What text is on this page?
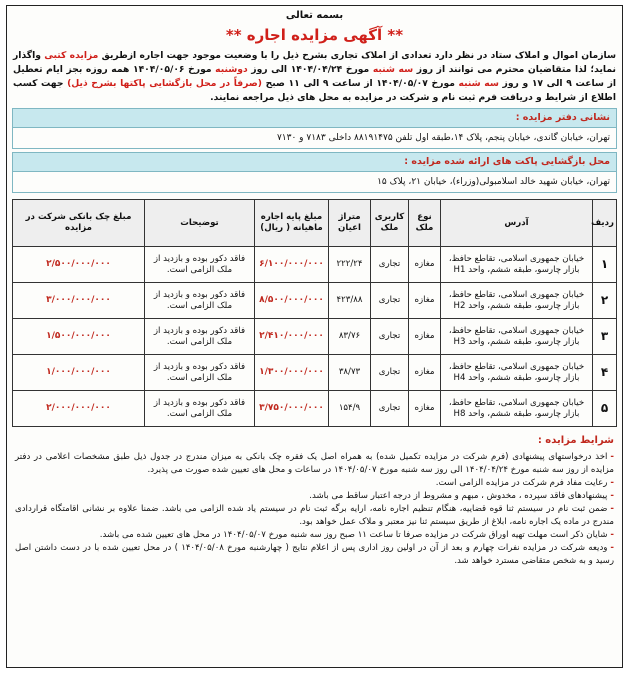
بسمه تعالی
** آگهی مزایده اجاره **
سازمان اموال و املاک ستاد در نظر دارد تعدادی از املاک تجاری بشرح ذیل را با وضعیت موجود جهت اجاره ازطریق مزایده کتبی واگذار نماید؛ لذا متقاضیان محترم می توانند از روز سه شنبه مورخ ۱۴۰۴/۰۴/۲۴ الی روز دوشنبه مورخ ۱۴۰۴/۰۵/۰۶ همه روزه بجز ایام تعطیل از ساعت ۹ الی ۱۷ و روز سه شنبه مورخ ۱۴۰۴/۰۵/۰۷ از ساعت ۹ الی ۱۱ صبح (صرفاً در محل بازگشایی پاکتها بشرح ذیل) جهت کسب اطلاع از شرایط و دریافت فرم ثبت نام و شرکت در مزایده به محل های ذیل مراجعه نمایند.
نشانی دفتر مزایده :
تهران، خیابان گاندی، خیابان پنجم، پلاک ۱۴،طبقه اول تلفن ۸۸۱۹۱۴۷۵ داخلی ۷۱۸۳ و ۷۱۳۰
محل بازگشایی پاکت های ارائه شده مزایده :
تهران، خیابان شهید خالد اسلامبولی(وزراء)، خیابان ۲۱، پلاک ۱۵
ردیف	آدرس	نوع ملک	کاربری ملک	متراژ اعیان	مبلغ پایه اجاره ماهیانه ( ریال)	توضیحات	مبلغ چک بانکی شرکت در مزایده
۱	خیابان جمهوری اسلامی، تقاطع حافظ، بازار چارسو، طبقه ششم، واحد H1	مغازه	تجاری	۲۲۲/۲۴	۶/۱۰۰/۰۰۰/۰۰۰	فاقد دکور بوده و بازدید از ملک الزامی است.	۲/۵۰۰/۰۰۰/۰۰۰
۲	خیابان جمهوری اسلامی، تقاطع حافظ، بازار چارسو، طبقه ششم، واحد H2	مغازه	تجاری	۴۲۳/۸۸	۸/۵۰۰/۰۰۰/۰۰۰	فاقد دکور بوده و بازدید از ملک الزامی است.	۳/۰۰۰/۰۰۰/۰۰۰
۳	خیابان جمهوری اسلامی، تقاطع حافظ، بازار چارسو، طبقه ششم، واحد H3	مغازه	تجاری	۸۳/۷۶	۲/۴۱۰/۰۰۰/۰۰۰	فاقد دکور بوده و بازدید از ملک الزامی است.	۱/۵۰۰/۰۰۰/۰۰۰
۴	خیابان جمهوری اسلامی، تقاطع حافظ، بازار چارسو، طبقه ششم، واحد H4	مغازه	تجاری	۳۸/۷۳	۱/۳۰۰/۰۰۰/۰۰۰	فاقد دکور بوده و بازدید از ملک الزامی است.	۱/۰۰۰/۰۰۰/۰۰۰
۵	خیابان جمهوری اسلامی، تقاطع حافظ، بازار چارسو، طبقه ششم، واحد H8	مغازه	تجاری	۱۵۴/۹	۳/۷۵۰/۰۰۰/۰۰۰	فاقد دکور بوده و بازدید از ملک الزامی است.	۲/۰۰۰/۰۰۰/۰۰۰
شرایط مزایده :
-اخذ درخواستهای پیشنهادی (فرم شرکت در مزایده تکمیل شده) به همراه اصل یک فقره چک بانکی به میزان مندرج در جدول ذیل طبق مشخصات اعلامی در دفتر مزایده از روز سه شنبه مورخ ۱۴۰۴/۰۴/۲۴ الی روز سه شنبه مورخ ۱۴۰۴/۰۵/۰۷ در ساعات و محل های تعیین شده صورت می پذیرد.
-رعایت مفاد فرم شرکت در مزایده الزامی است.
-پیشنهادهای فاقد سپرده ، مخدوش ، مبهم و مشروط از درجه اعتبار ساقط می باشد.
-ضمن ثبت نام در سیستم ثنا قوه قضاییه، هنگام تنظیم اجاره نامه، ارایه برگه ثبت نام در سیستم یاد شده الزامی می باشد. ضمنا علاوه بر نشانی اقامتگاه قراردادی مندرج در ماده یک اجاره نامه، ابلاغ از طریق سیستم ثنا نیز معتبر و ملاک عمل خواهد بود.
-شایان ذکر است مهلت تهیه اوراق شرکت در مزایده صرفا تا ساعت ۱۱ صبح روز سه شنبه مورخ ۱۴۰۴/۰۵/۰۷ در محل های تعیین شده می باشد.
-ودیعه شرکت در مزایده نفرات چهارم و بعد از آن در اولین روز اداری پس از اعلام نتایج ( چهارشنبه مورخ ۱۴۰۴/۰۵/۰۸ ) در محل تعیین شده با در دست داشتن اصل رسید و به شخص متقاضی مسترد خواهد شد.
